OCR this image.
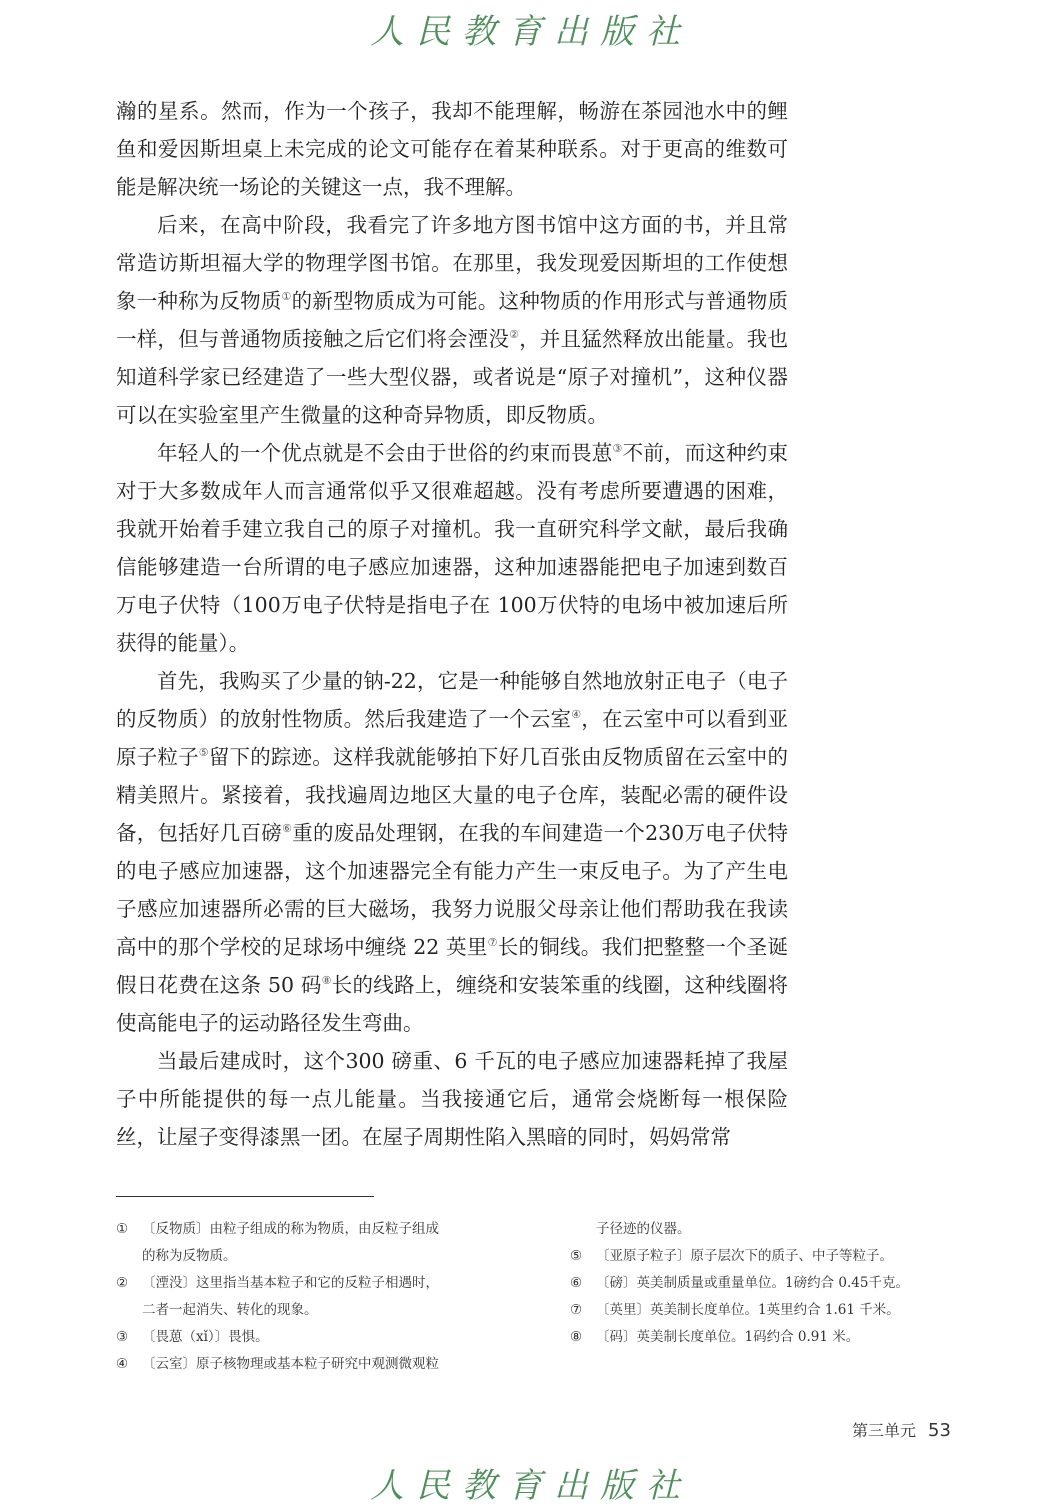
人民教育出版社

瀚的星系。然而，作为一个孩子，我却不能理解，畅游在茶园池水中的鲤鱼和爱因斯坦桌上未完成的论文可能存在着某种联系。对于更高的维数可能是解决统一场论的关键这一点，我不理解。

后来，在高中阶段，我看完了许多地方图书馆中这方面的书，并且常常造访斯坦福大学的物理学图书馆。在那里，我发现爱因斯坦的工作使想象一种称为反物质①的新型物质成为可能。这种物质的作用形式与普通物质一样，但与普通物质接触之后它们将会湮没②，并且猛然释放出能量。我也知道科学家已经建造了一些大型仪器，或者说是“原子对撞机”，这种仪器可以在实验室里产生微量的这种奇异物质，即反物质。

年轻人的一个优点就是不会由于世俗的约束而畏葸③不前，而这种约束对于大多数成年人而言通常似乎又很难超越。没有考虑所要遭遇的困难，我就开始着手建立我自己的原子对撞机。我一直研究科学文献，最后我确信能够建造一台所谓的电子感应加速器，这种加速器能把电子加速到数百万电子伏特（100万电子伏特是指电子在 100万伏特的电场中被加速后所获得的能量）。

首先，我购买了少量的钠-22，它是一种能够自然地放射正电子（电子的反物质）的放射性物质。然后我建造了一个云室④，在云室中可以看到亚原子粒子⑤留下的踪迹。这样我就能够拍下好几百张由反物质留在云室中的精美照片。紧接着，我找遍周边地区大量的电子仓库，装配必需的硬件设备，包括好几百磅⑥重的废品处理钢，在我的车间建造一个230万电子伏特的电子感应加速器，这个加速器完全有能力产生一束反电子。为了产生电子感应加速器所必需的巨大磁场，我努力说服父母亲让他们帮助我在我读高中的那个学校的足球场中缠绕 22 英里⑦长的铜线。我们把整整一个圣诞假日花费在这条 50 码⑧长的线路上，缠绕和安装笨重的线圈，这种线圈将使高能电子的运动路径发生弯曲。

当最后建成时，这个300 磅重、6 千瓦的电子感应加速器耗掉了我屋子中所能提供的每一点儿能量。当我接通它后，通常会烧断每一根保险丝，让屋子变得漆黑一团。在屋子周期性陷入黑暗的同时，妈妈常常

① 〔反物质〕由粒子组成的称为物质，由反粒子组成

的称为反物质。

② 〔湮没〕这里指当基本粒子和它的反粒子相遇时，

二者一起消失、转化的现象。

③ 〔畏葸（xǐ）〕畏惧。

④ 〔云室〕原子核物理或基本粒子研究中观测微观粒

子径迹的仪器。

⑤ 〔亚原子粒子〕原子层次下的质子、中子等粒子。

⑥ 〔磅〕英美制质量或重量单位。1磅约合 0.45千克。

⑦ 〔英里〕英美制长度单位。1英里约合 1.61 千米。

⑧ 〔码〕英美制长度单位。1码约合 0.91 米。

第三单元 53
人民教育出版社
